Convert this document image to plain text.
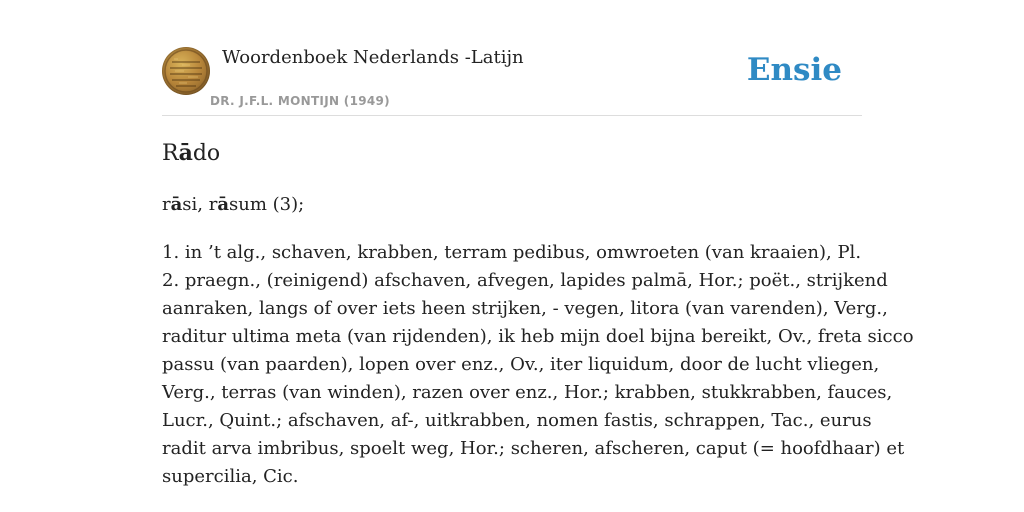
Woordenboek Nederlands -Latijn
DR. J.F.L. MONTIJN (1949)
Ensie
Rādo
rāsi, rāsum (3);
1. in ’t alg., schaven, krabben, terram pedibus, omwroeten (van kraaien), Pl.
2. praegn., (reinigend) afschaven, afvegen, lapides palmā, Hor.; poët., strijkend
aanraken, langs of over iets heen strijken, - vegen, litora (van varenden), Verg.,
raditur ultima meta (van rijdenden), ik heb mijn doel bijna bereikt, Ov., freta sicco
passu (van paarden), lopen over enz., Ov., iter liquidum, door de lucht vliegen,
Verg., terras (van winden), razen over enz., Hor.; krabben, stukkrabben, fauces,
Lucr., Quint.; afschaven, af-, uitkrabben, nomen fastis, schrappen, Tac., eurus
radit arva imbribus, spoelt weg, Hor.; scheren, afscheren, caput (= hoofdhaar) et
supercilia, Cic.
